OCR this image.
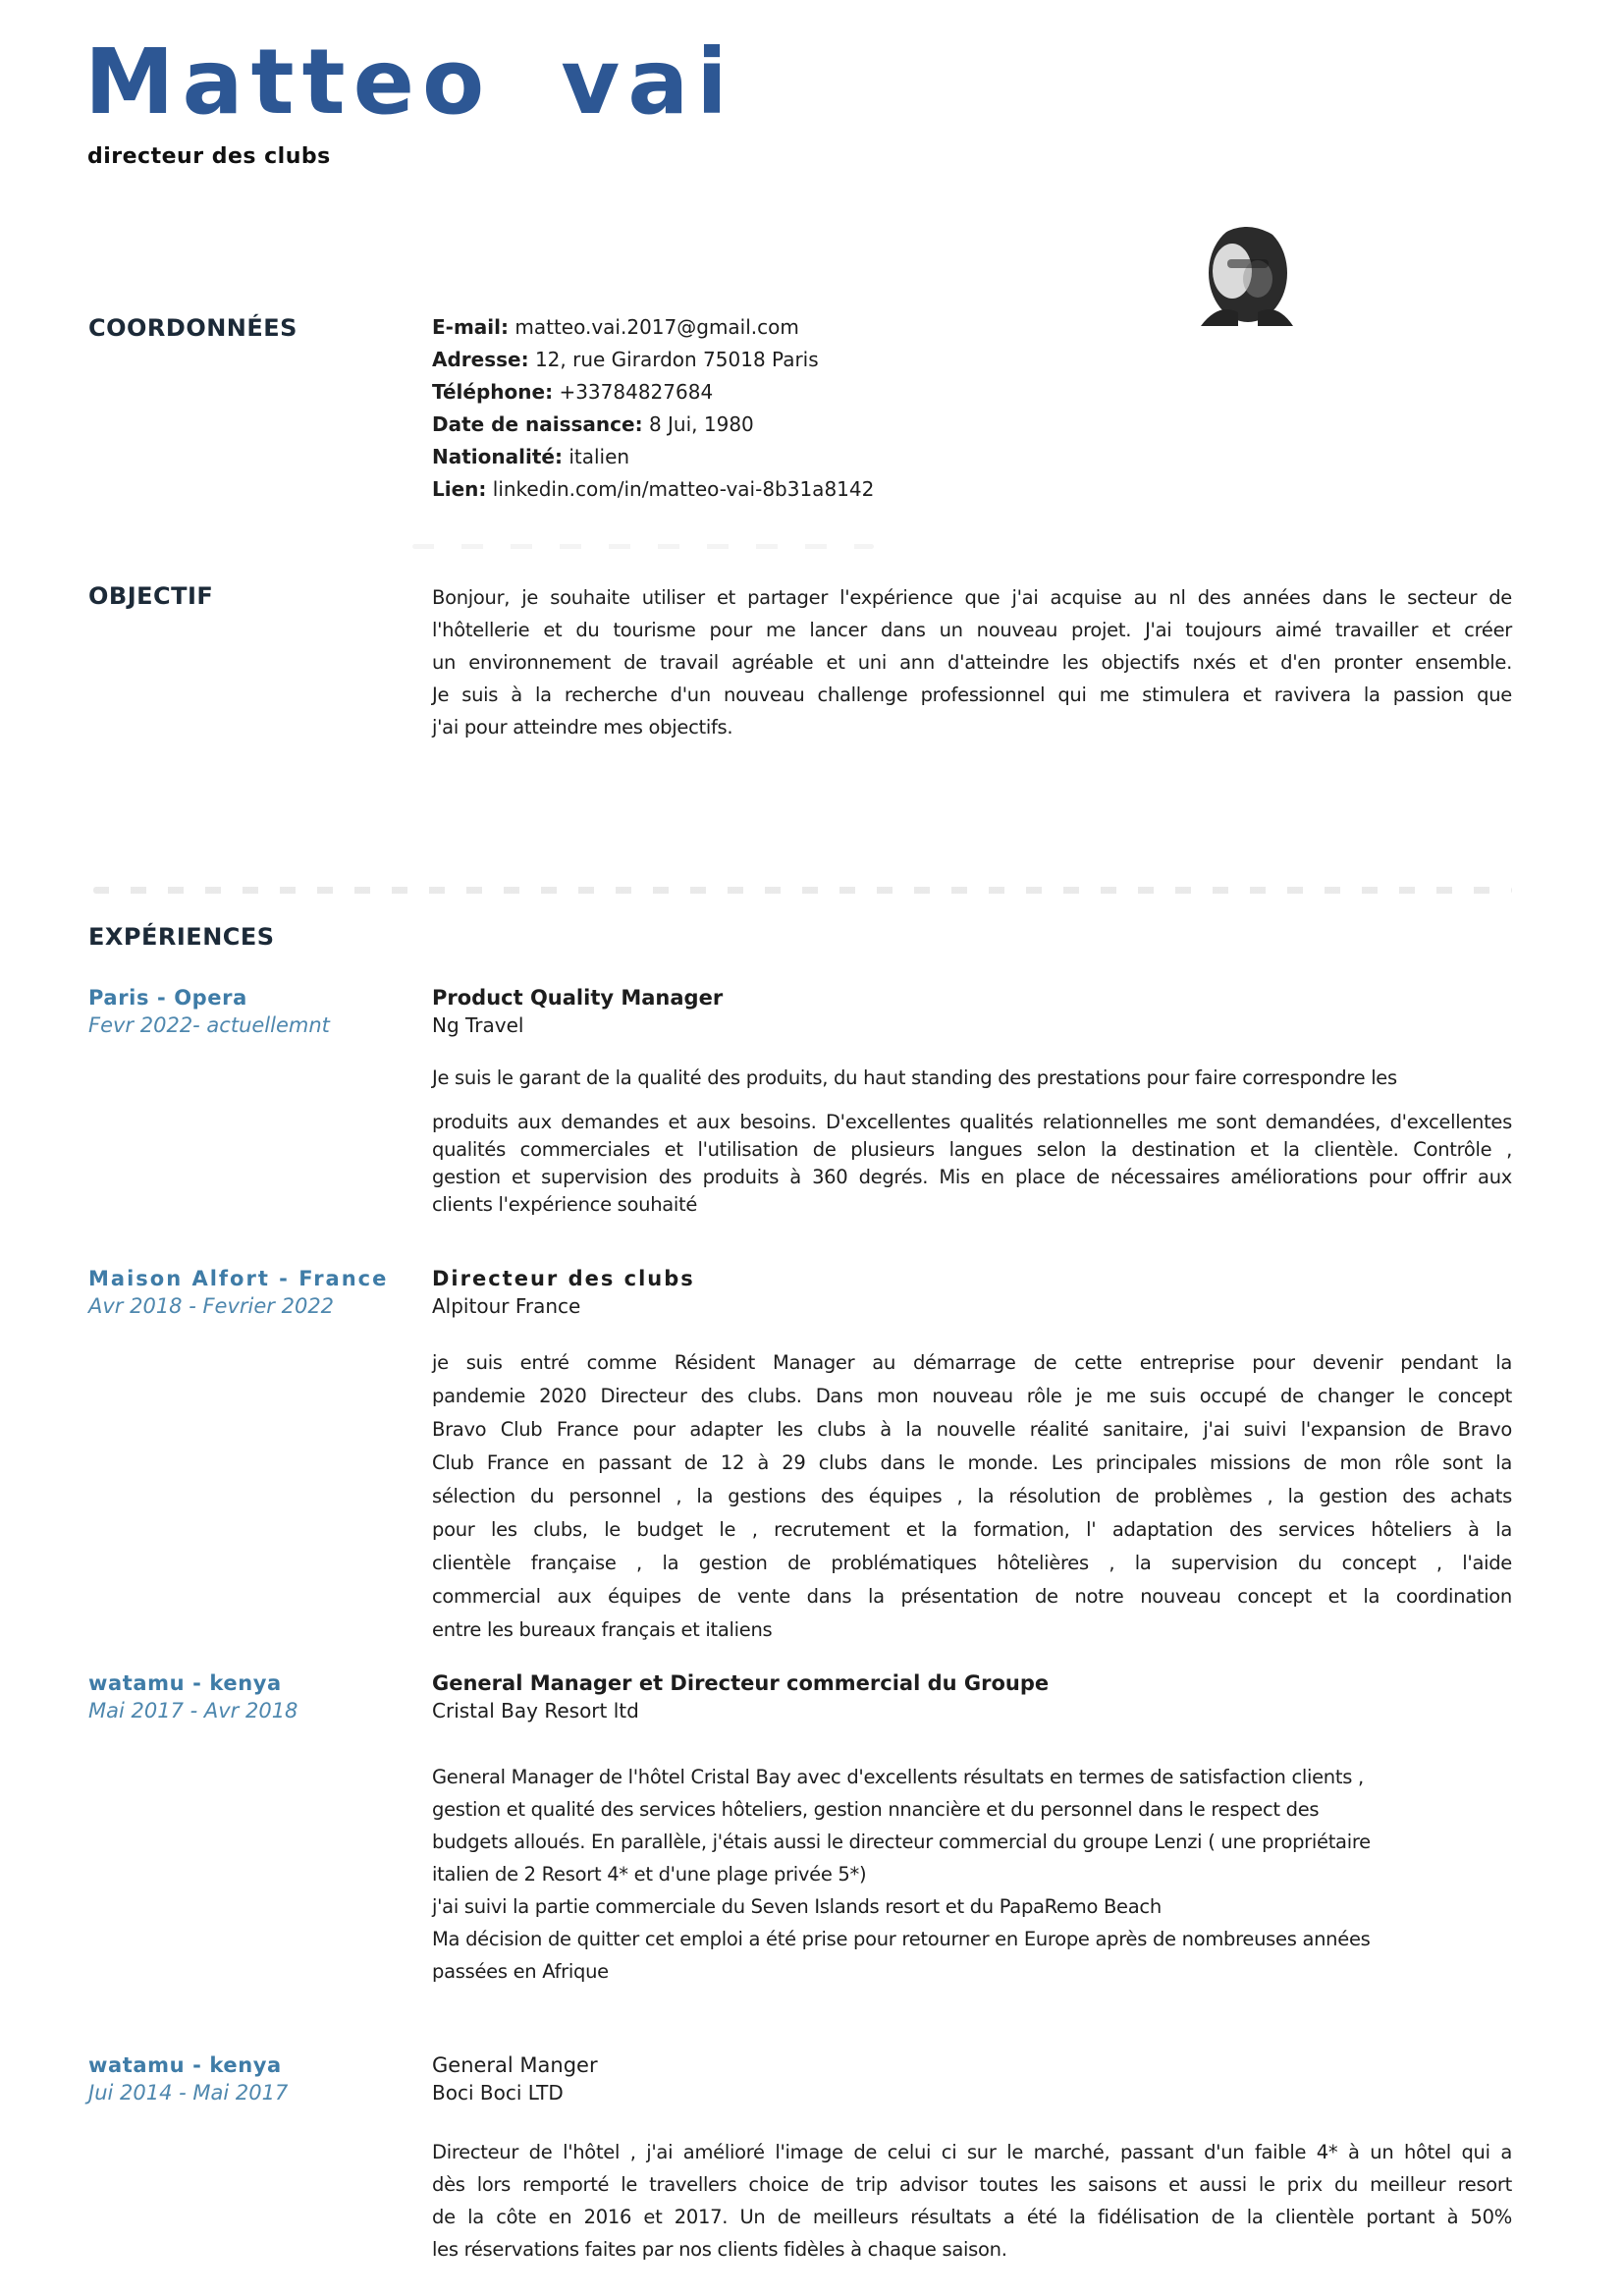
Matteo vai
directeur des clubs
COORDONNÉES	E-mail: matteo.vai.2017@gmail.com
Adresse: 12, rue Girardon 75018 Paris
Téléphone: +33784827684
Date de naissance: 8 Jui, 1980
Nationalité: italien
Lien: linkedin.com/in/matteo-vai-8b31a8142
OBJECTIF	Bonjour, je souhaite utiliser et partager l'expérience que j'ai acquise au nl des années dans le secteur de
l'hôtellerie et du tourisme pour me lancer dans un nouveau projet. J'ai toujours aimé travailler et créer
un environnement de travail agréable et uni ann d'atteindre les objectifs nxés et d'en pronter ensemble.
Je suis à la recherche d'un nouveau challenge professionnel qui me stimulera et ravivera la passion que
j'ai pour atteindre mes objectifs.
EXPÉRIENCES
Paris - Opera
Fevr 2022- actuellemnt
Product Quality Manager
Ng Travel
Je suis le garant de la qualité des produits, du haut standing des prestations pour faire correspondre les
produits aux demandes et aux besoins. D'excellentes qualités relationnelles me sont demandées, d'excellentes
qualités commerciales et l'utilisation de plusieurs langues selon la destination et la clientèle. Contrôle ,
gestion et supervision des produits à 360 degrés. Mis en place de nécessaires améliorations pour offrir aux
clients l'expérience souhaité
Maison Alfort - France
Avr 2018 - Fevrier 2022
Directeur des clubs
Alpitour France
je suis entré comme Résident Manager au démarrage de cette entreprise pour devenir pendant la
pandemie 2020 Directeur des clubs. Dans mon nouveau rôle je me suis occupé de changer le concept
Bravo Club France pour adapter les clubs à la nouvelle réalité sanitaire, j'ai suivi l'expansion de Bravo
Club France en passant de 12 à 29 clubs dans le monde. Les principales missions de mon rôle sont la
sélection du personnel , la gestions des équipes , la résolution de problèmes , la gestion des achats
pour les clubs, le budget le , recrutement et la formation, l' adaptation des services hôteliers à la
clientèle française , la gestion de problématiques hôtelières , la supervision du concept , l'aide
commercial aux équipes de vente dans la présentation de notre nouveau concept et la coordination
entre les bureaux français et italiens
watamu - kenya
Mai 2017 - Avr 2018
General Manager et Directeur commercial du Groupe
Cristal Bay Resort ltd
General Manager de l'hôtel Cristal Bay avec d'excellents résultats en termes de satisfaction clients ,
gestion et qualité des services hôteliers, gestion nnancière et du personnel dans le respect des
budgets alloués. En parallèle, j'étais aussi le directeur commercial du groupe Lenzi ( une propriétaire
italien de 2 Resort 4* et d'une plage privée 5*)
j'ai suivi la partie commerciale du Seven Islands resort et du PapaRemo Beach
Ma décision de quitter cet emploi a été prise pour retourner en Europe après de nombreuses années
passées en Afrique
watamu - kenya
Jui 2014 - Mai 2017
General Manger
Boci Boci LTD
Directeur de l'hôtel , j'ai amélioré l'image de celui ci sur le marché, passant d'un faible 4* à un hôtel qui a
dès lors remporté le travellers choice de trip advisor toutes les saisons et aussi le prix du meilleur resort
de la côte en 2016 et 2017. Un de meilleurs résultats a été la fidélisation de la clientèle portant à 50%
les réservations faites par nos clients fidèles à chaque saison.
